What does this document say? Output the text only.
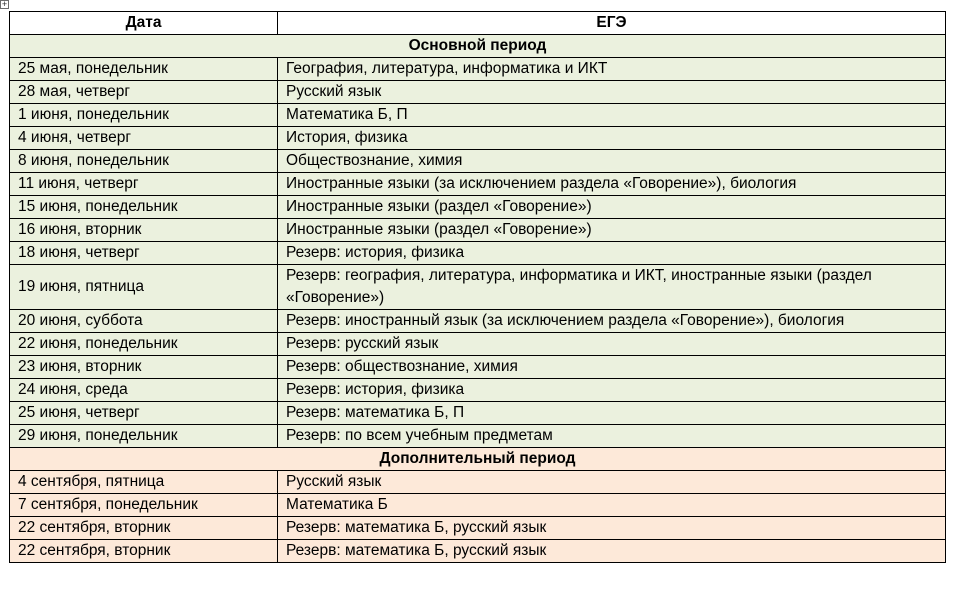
+
Дата	ЕГЭ
Основной период	
25 мая, понедельник	География, литература, информатика и ИКТ
28 мая, четверг	Русский язык
1 июня, понедельник	Математика Б, П
4 июня, четверг	История, физика
8 июня, понедельник	Обществознание, химия
11 июня, четверг	Иностранные языки (за исключением раздела «Говорение»), биология
15 июня, понедельник	Иностранные языки (раздел «Говорение»)
16 июня, вторник	Иностранные языки (раздел «Говорение»)
18 июня, четверг	Резерв: история, физика
19 июня, пятница	Резерв: география, литература, информатика и ИКТ, иностранные языки (раздел «Говорение»)
20 июня, суббота	Резерв: иностранный язык (за исключением раздела «Говорение»), биология
22 июня, понедельник	Резерв: русский язык
23 июня, вторник	Резерв: обществознание, химия
24 июня, среда	Резерв: история, физика
25 июня, четверг	Резерв: математика Б, П
29 июня, понедельник	Резерв: по всем учебным предметам
Дополнительный период	
4 сентября, пятница	Русский язык
7 сентября, понедельник	Математика Б
22 сентября, вторник	Резерв: математика Б, русский язык
22 сентября, вторник	Резерв: математика Б, русский язык
